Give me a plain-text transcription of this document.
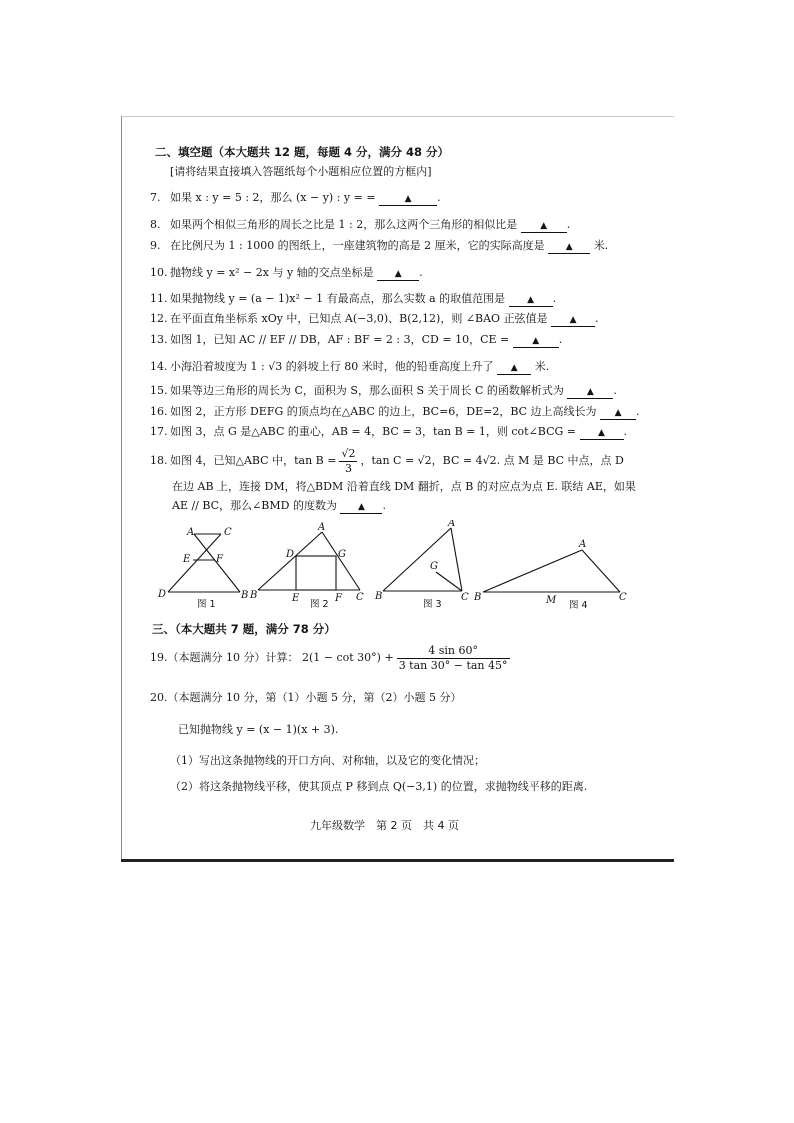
二、填空题（本大题共 12 题，每题 4 分，满分 48 分）
[请将结果直接填入答题纸每个小题相应位置的方框内]
7. 如果 x : y = 5 : 2，那么 (x − y) : y = =	▲ .
8. 如果两个相似三角形的周长之比是 1 : 2，那么这两个三角形的相似比是	▲ .
9. 在比例尺为 1 : 1000 的图纸上，一座建筑物的高是 2 厘米，它的实际高度是 ▲ 米.
10. 抛物线 y = x² − 2x 与 y 轴的交点坐标是 ▲ .
11. 如果抛物线 y = (a − 1)x² − 1 有最高点，那么实数 a 的取值范围是 ▲ .
12. 在平面直角坐标系 xOy 中，已知点 A(−3,0)、B(2,12)，则 ∠BAO 正弦值是 ▲ .
13. 如图 1，已知 AC // EF // DB，AF : BF = 2 : 3，CD = 10，CE =	▲ .
14. 小海沿着坡度为 1 : √3 的斜坡上行 80 米时，他的铅垂高度上升了 ▲ 米.
15. 如果等边三角形的周长为 C，面积为 S，那么面积 S 关于周长 C 的函数解析式为	▲ .
16. 如图 2，正方形 DEFG 的顶点均在△ABC 的边上，BC=6，DE=2，BC 边上高线长为 ▲ .
17. 如图 3，点 G 是△ABC 的重心，AB = 4，BC = 3，tan B = 1，则 cot∠BCG = ▲ .
18. 如图 4，已知△ABC 中，$\tan B = \frac{√2}{3}$ ，tan C = √2，BC = 4√2. 点 M 是 BC 中点，点 D
在边 AB 上，连接 DM，将△BDM 沿着直线 DM 翻折，点 B 的对应点为点 E. 联结 AE，如果
AE // BC，那么∠BMD 的度数为 ▲ .
A	C
E	F
D	B
图 1
A
D	G
B	E	F C
图 2
A
G
B	C
图 3
A
B	M	C
图 4
三、（本大题共 7 题，满分 78 分）
19.（本题满分 10 分）计算： $2(1 - \cot 30^\circ) + \frac{4 \sin 60^\circ}{3 \tan 30^\circ - \tan 45^\circ}$
20.（本题满分 10 分，第（1）小题 5 分，第（2）小题 5 分）
已知抛物线 y = (x − 1)(x + 3).
（1）写出这条抛物线的开口方向、对称轴，以及它的变化情况；
（2）将这条抛物线平移，使其顶点 P 移到点 Q(−3,1) 的位置，求抛物线平移的距离.
九年级数学　第 2 页　共 4 页
